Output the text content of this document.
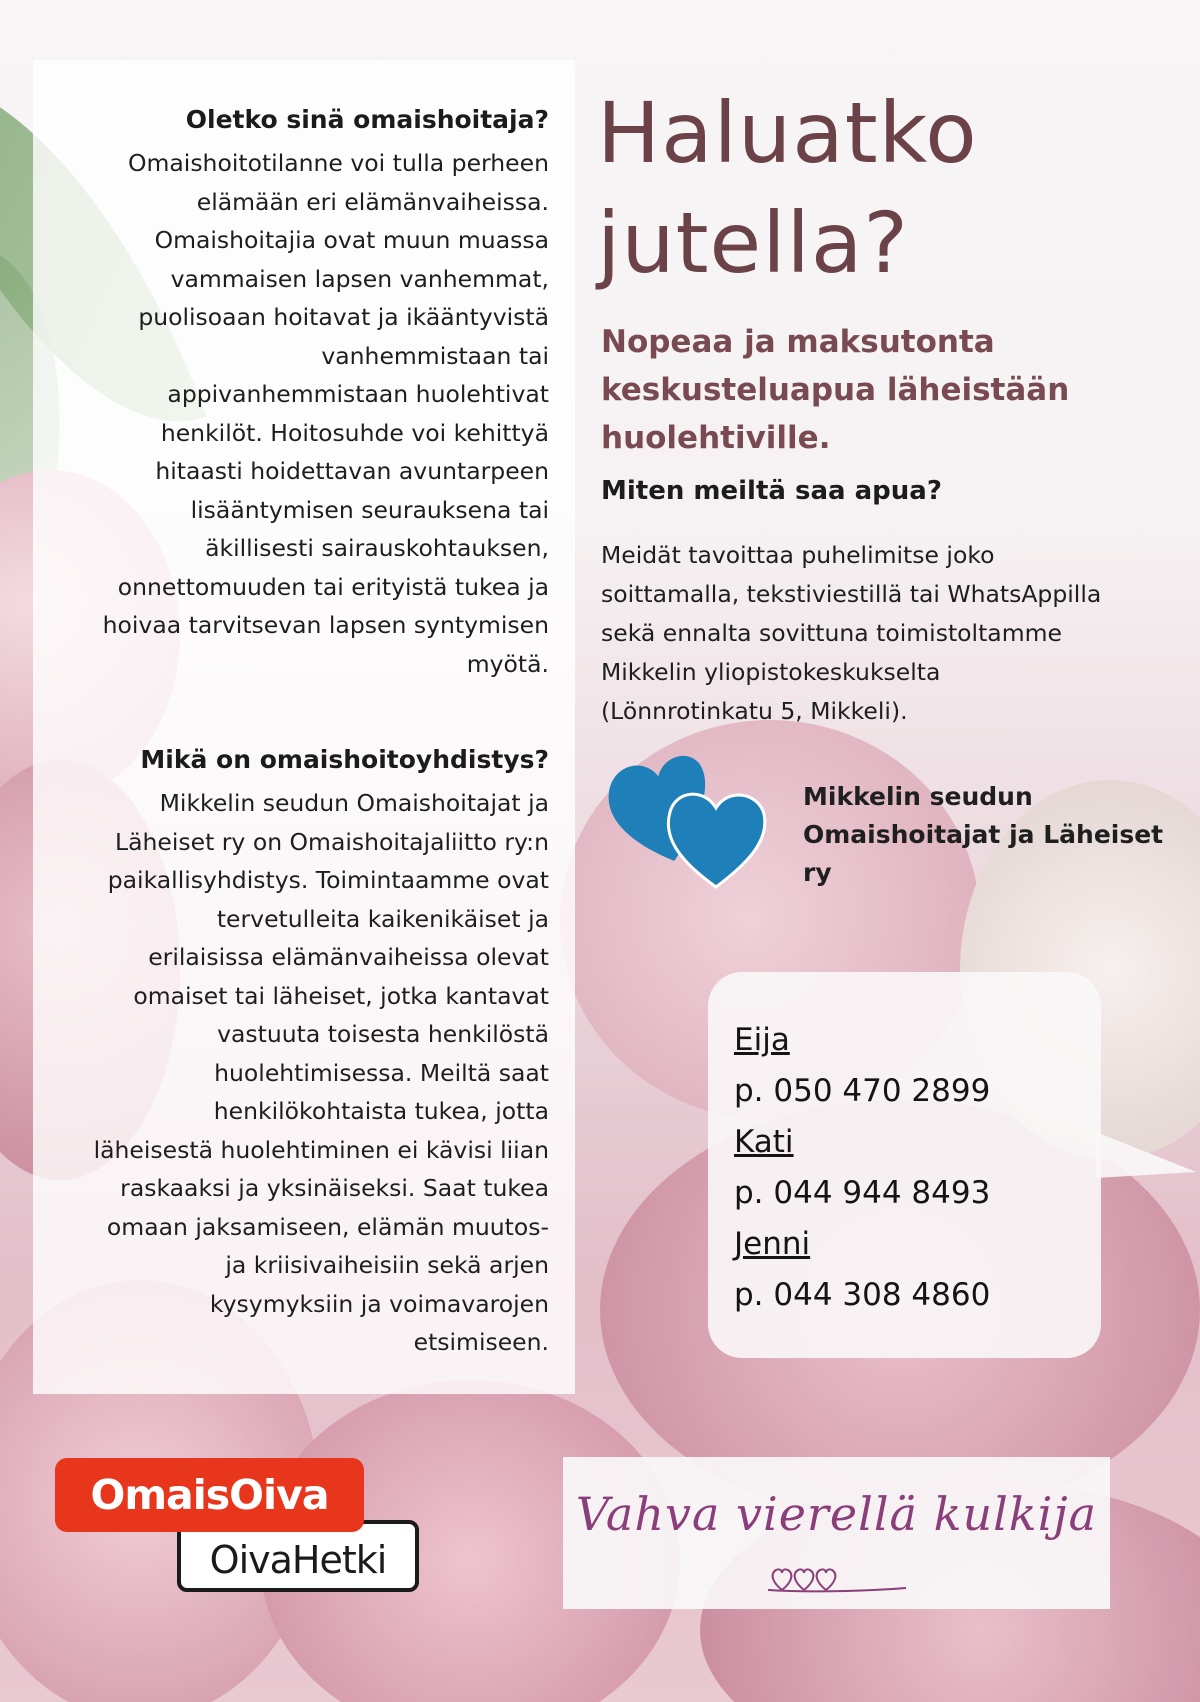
Oletko sinä omaishoitaja?

Omaishoitotilanne voi tulla perheen

elämään eri elämänvaiheissa.

Omaishoitajia ovat muun muassa

vammaisen lapsen vanhemmat,

puolisoaan hoitavat ja ikääntyvistä

vanhemmistaan tai

appivanhemmistaan huolehtivat

henkilöt. Hoitosuhde voi kehittyä

hitaasti hoidettavan avuntarpeen

lisääntymisen seurauksena tai

äkillisesti sairauskohtauksen,

onnettomuuden tai erityistä tukea ja

hoivaa tarvitsevan lapsen syntymisen

myötä.

Mikä on omaishoitoyhdistys?

Mikkelin seudun Omaishoitajat ja

Läheiset ry on Omaishoitajaliitto ry:n

paikallisyhdistys. Toimintaamme ovat

tervetulleita kaikenikäiset ja

erilaisissa elämänvaiheissa olevat

omaiset tai läheiset, jotka kantavat

vastuuta toisesta henkilöstä

huolehtimisessa. Meiltä saat

henkilökohtaista tukea, jotta

läheisestä huolehtiminen ei kävisi liian

raskaaksi ja yksinäiseksi. Saat tukea

omaan jaksamiseen, elämän muutos-

ja kriisivaiheisiin sekä arjen

kysymyksiin ja voimavarojen

etsimiseen.

Haluatko
jutella?

Nopeaa ja maksutonta
keskusteluapua läheistään
huolehtiville.

Miten meiltä saa apua?

Meidät tavoittaa puhelimitse joko

soittamalla, tekstiviestillä tai WhatsAppilla

sekä ennalta sovittuna toimistoltamme

Mikkelin yliopistokeskukselta

(Lönnrotinkatu 5, Mikkeli).

Mikkelin seudun
Omaishoitajat ja Läheiset ry

Eija

p. 050 470 2899

Kati

p. 044 944 8493

Jenni

p. 044 308 4860

OivaHetki
OmaisOiva	Vahva vierellä kulkija
